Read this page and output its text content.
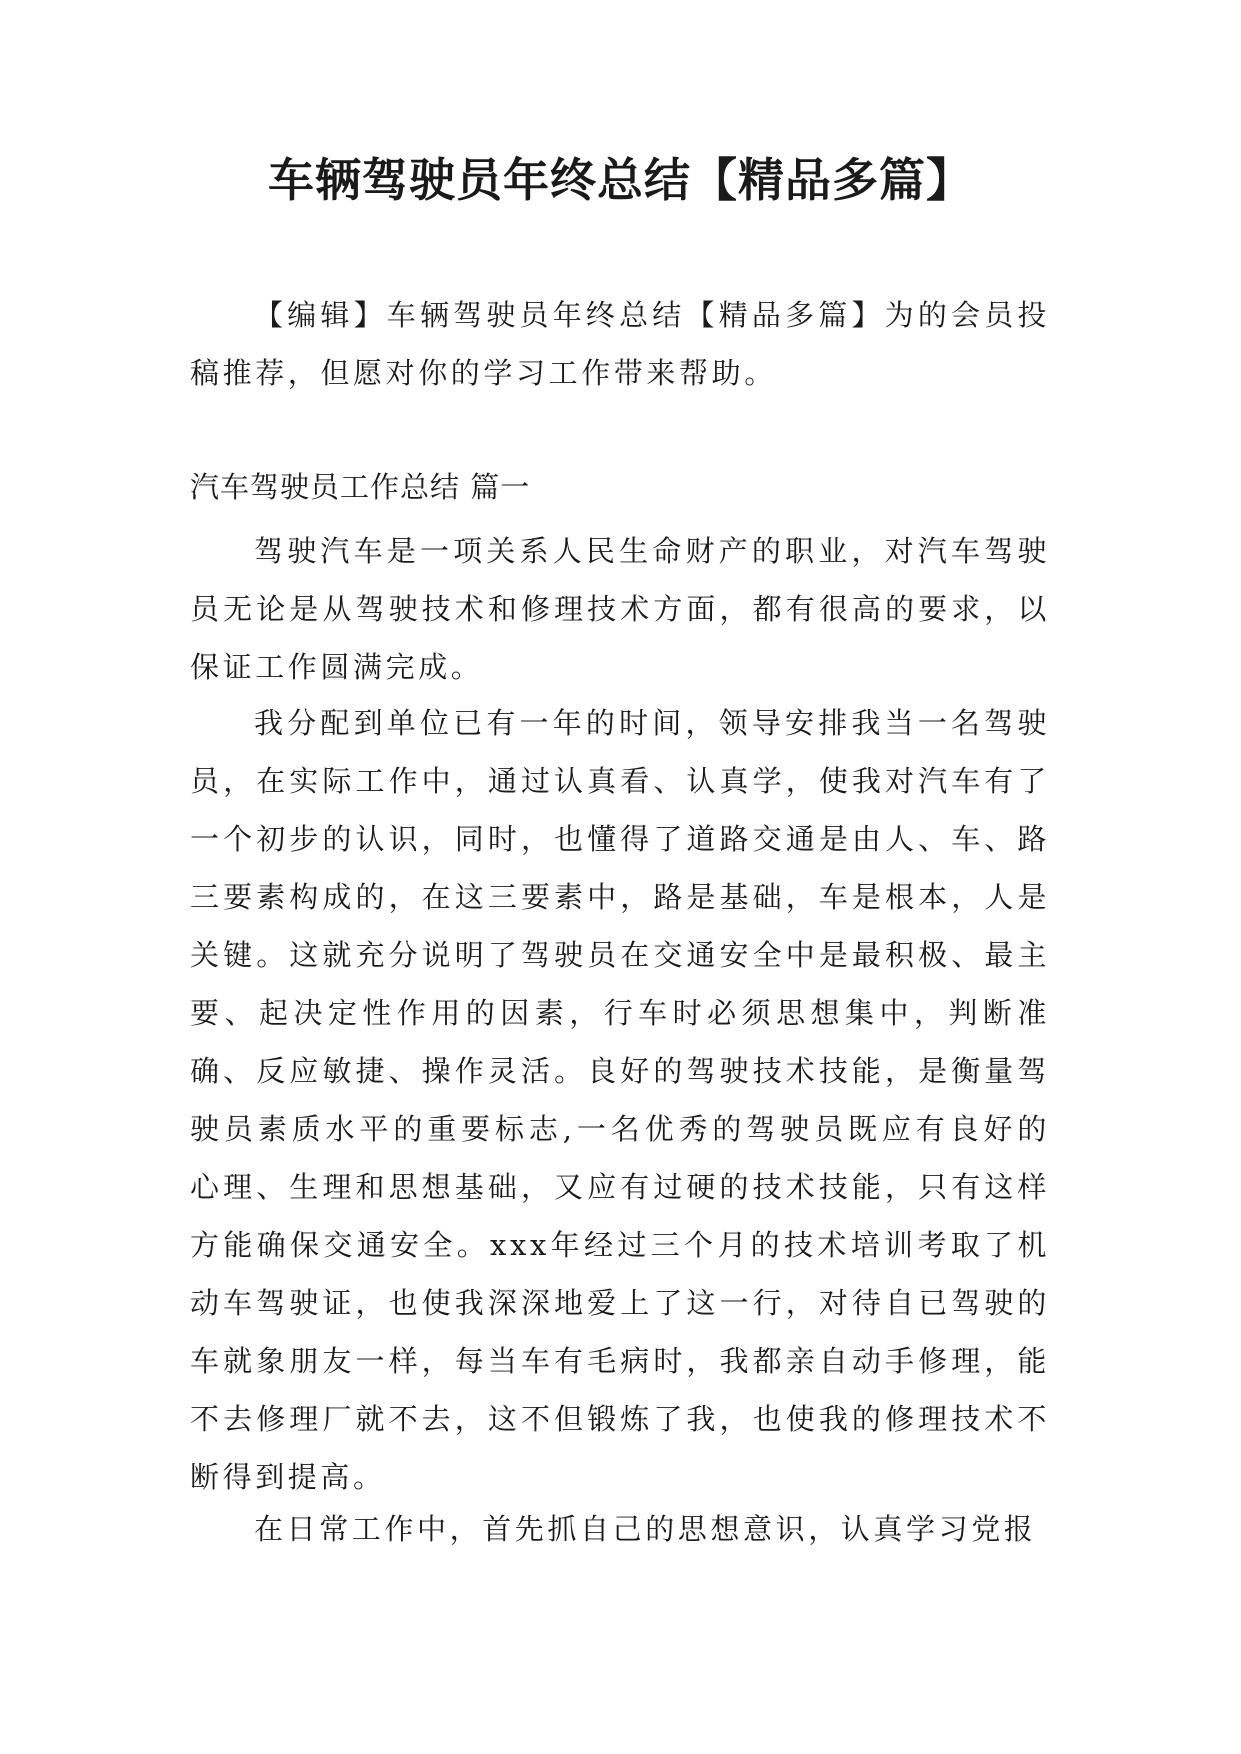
车辆驾驶员年终总结【精品多篇】

【编辑】车辆驾驶员年终总结【精品多篇】为的会员投稿推荐，但愿对你的学习工作带来帮助。

汽车驾驶员工作总结 篇一

驾驶汽车是一项关系人民生命财产的职业，对汽车驾驶员无论是从驾驶技术和修理技术方面，都有很高的要求，以保证工作圆满完成。

我分配到单位已有一年的时间，领导安排我当一名驾驶员，在实际工作中，通过认真看、认真学，使我对汽车有了一个初步的认识，同时，也懂得了道路交通是由人、车、路三要素构成的，在这三要素中，路是基础，车是根本，人是关键。这就充分说明了驾驶员在交通安全中是最积极、最主要、起决定性作用的因素，行车时必须思想集中，判断准确、反应敏捷、操作灵活。良好的驾驶技术技能，是衡量驾驶员素质水平的重要标志,一名优秀的驾驶员既应有良好的心理、生理和思想基础，又应有过硬的技术技能，只有这样方能确保交通安全。xxx年经过三个月的技术培训考取了机动车驾驶证，也使我深深地爱上了这一行，对待自已驾驶的车就象朋友一样，每当车有毛病时，我都亲自动手修理，能不去修理厂就不去，这不但锻炼了我，也使我的修理技术不断得到提高。

在日常工作中，首先抓自己的思想意识，认真学习党报
